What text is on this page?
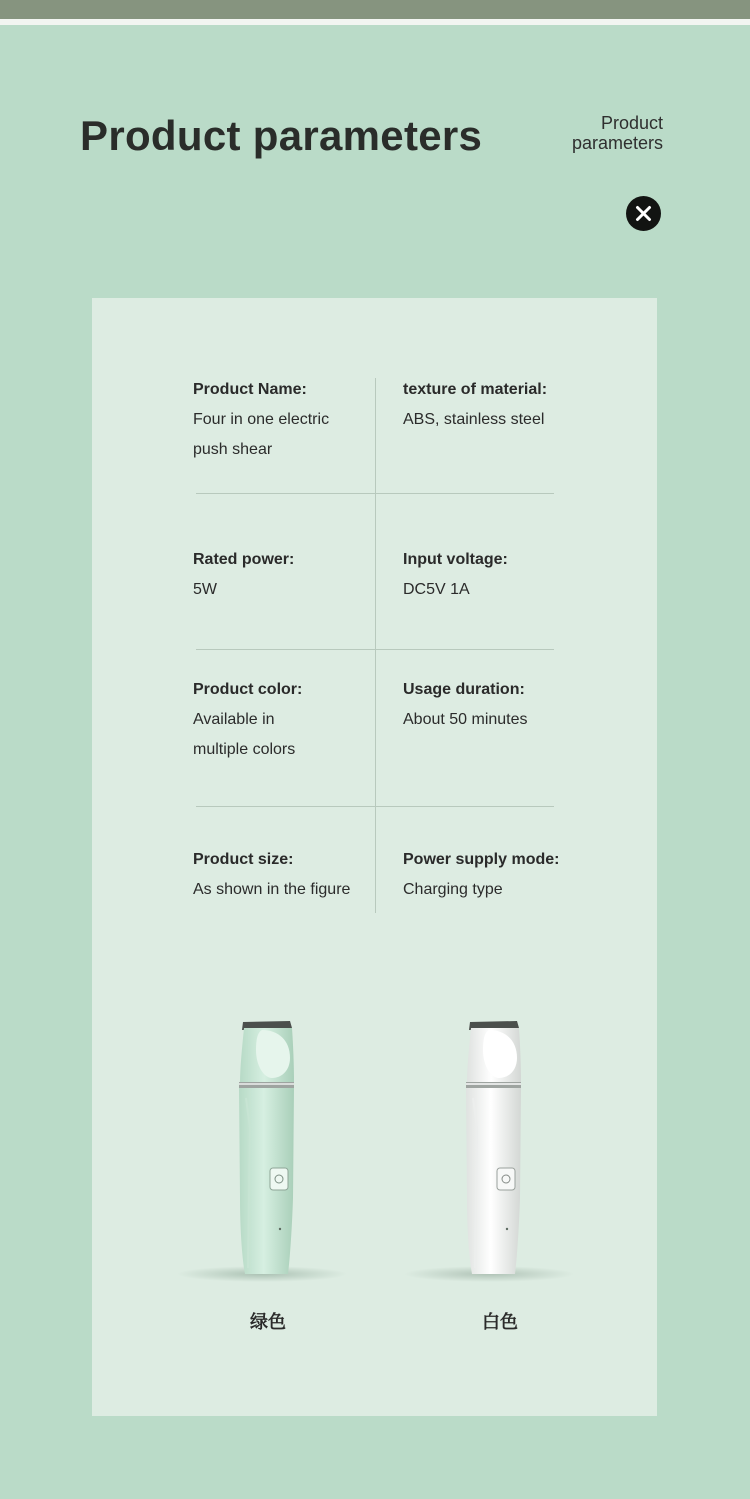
Product parameters	Product
parameters
Product Name:
Four in one electric
push shear
texture of material:
ABS, stainless steel
Rated power:
5W
Input voltage:
DC5V 1A
Product color:
Available in
multiple colors
Usage duration:
About 50 minutes
Product size:
As shown in the figure
Power supply mode:
Charging type
绿色	白色
